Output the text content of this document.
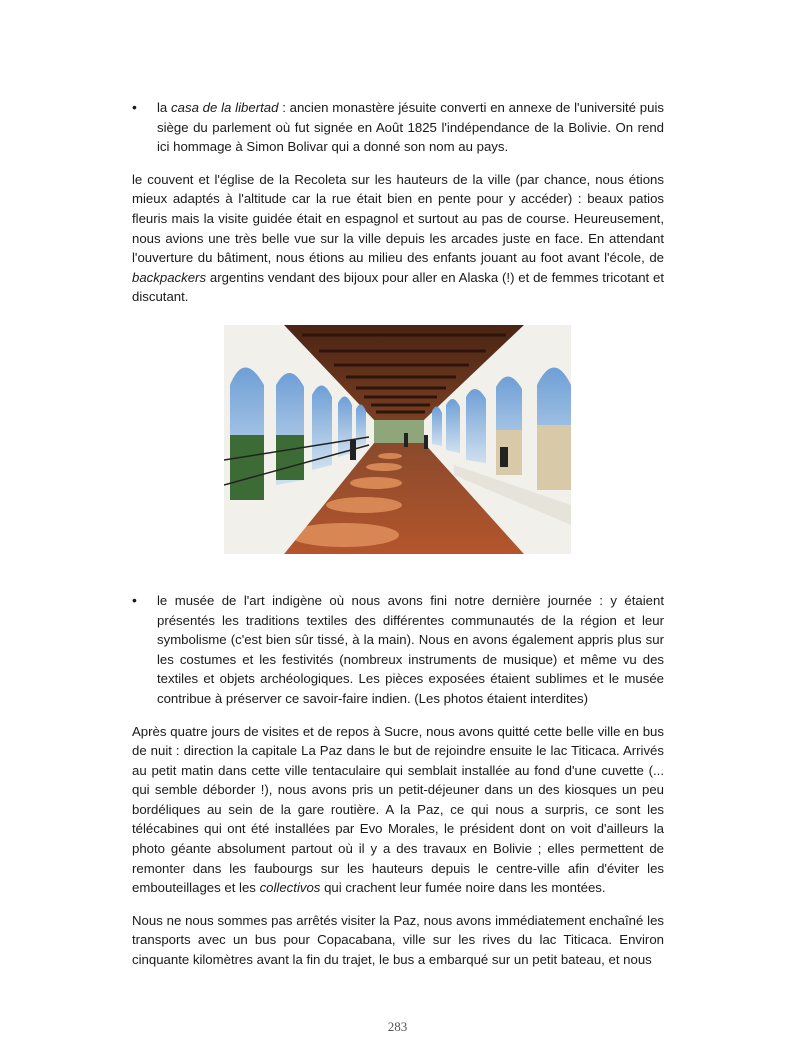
• la casa de la libertad : ancien monastère jésuite converti en annexe de l'université puis siège du parlement où fut signée en Août 1825 l'indépendance de la Bolivie. On rend ici hommage à Simon Bolivar qui a donné son nom au pays.

le couvent et l'église de la Recoleta sur les hauteurs de la ville (par chance, nous étions mieux adaptés à l'altitude car la rue était bien en pente pour y accéder) : beaux patios fleuris mais la visite guidée était en espagnol et surtout au pas de course. Heureusement, nous avions une très belle vue sur la ville depuis les arcades juste en face. En attendant l'ouverture du bâtiment, nous étions au milieu des enfants jouant au foot avant l'école, de backpackers argentins vendant des bijoux pour aller en Alaska (!) et de femmes tricotant et discutant.

• le musée de l'art indigène où nous avons fini notre dernière journée : y étaient présentés les traditions textiles des différentes communautés de la région et leur symbolisme (c'est bien sûr tissé, à la main). Nous en avons également appris plus sur les costumes et les festivités (nombreux instruments de musique) et même vu des textiles et objets archéologiques. Les pièces exposées étaient sublimes et le musée contribue à préserver ce savoir-faire indien. (Les photos étaient interdites)

Après quatre jours de visites et de repos à Sucre, nous avons quitté cette belle ville en bus de nuit : direction la capitale La Paz dans le but de rejoindre ensuite le lac Titicaca. Arrivés au petit matin dans cette ville tentaculaire qui semblait installée au fond d'une cuvette (... qui semble déborder !), nous avons pris un petit-déjeuner dans un des kiosques un peu bordéliques au sein de la gare routière. A la Paz, ce qui nous a surpris, ce sont les télécabines qui ont été installées par Evo Morales, le président dont on voit d'ailleurs la photo géante absolument partout où il y a des travaux en Bolivie ; elles permettent de remonter dans les faubourgs sur les hauteurs depuis le centre-ville afin d'éviter les embouteillages et les collectivos qui crachent leur fumée noire dans les montées.

Nous ne nous sommes pas arrêtés visiter la Paz, nous avons immédiatement enchaîné les transports avec un bus pour Copacabana, ville sur les rives du lac Titicaca. Environ cinquante kilomètres avant la fin du trajet, le bus a embarqué sur un petit bateau, et nous

283
